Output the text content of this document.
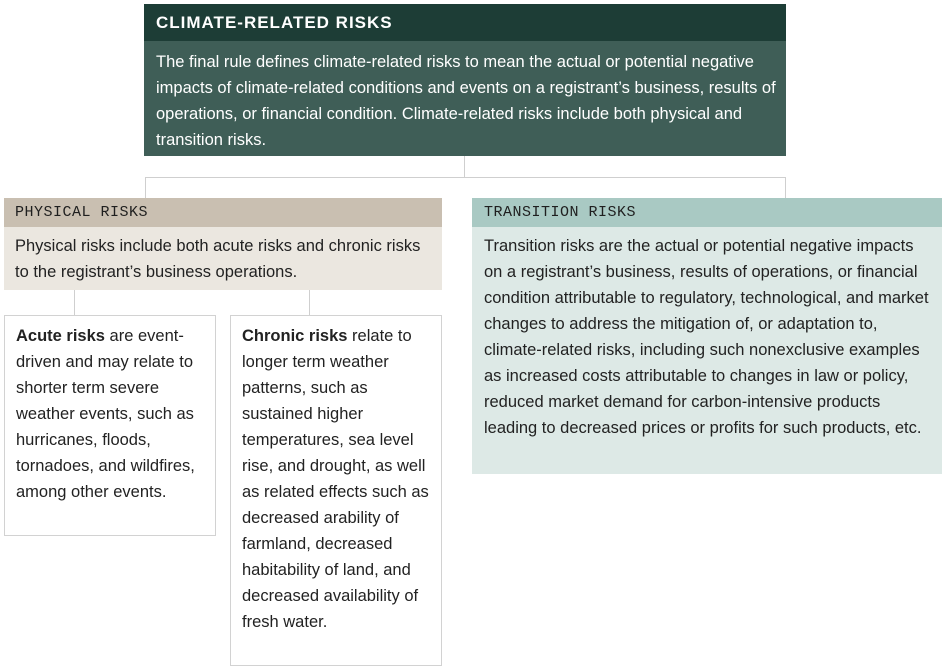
CLIMATE-RELATED RISKS
The final rule defines climate-related risks to mean the actual or potential negative impacts of climate-related conditions and events on a registrant’s business, results of operations, or financial condition. Climate-related risks include both physical and transition risks.
PHYSICAL RISKS
Physical risks include both acute risks and chronic risks to the registrant’s business operations.
TRANSITION RISKS
Transition risks are the actual or potential negative impacts on a registrant’s business, results of operations, or financial condition attributable to regulatory, technological, and market changes to address the mitigation of, or adaptation to, climate-related risks, including such nonexclusive examples as increased costs attributable to changes in law or policy, reduced market demand for carbon-intensive products leading to decreased prices or profits for such products, etc.
Acute risks are event-driven and may relate to shorter term severe weather events, such as hurricanes, floods, tornadoes, and wildfires, among other events.
Chronic risks relate to longer term weather patterns, such as sustained higher temperatures, sea level rise, and drought, as well as related effects such as decreased arability of farmland, decreased habitability of land, and decreased availability of fresh water.
